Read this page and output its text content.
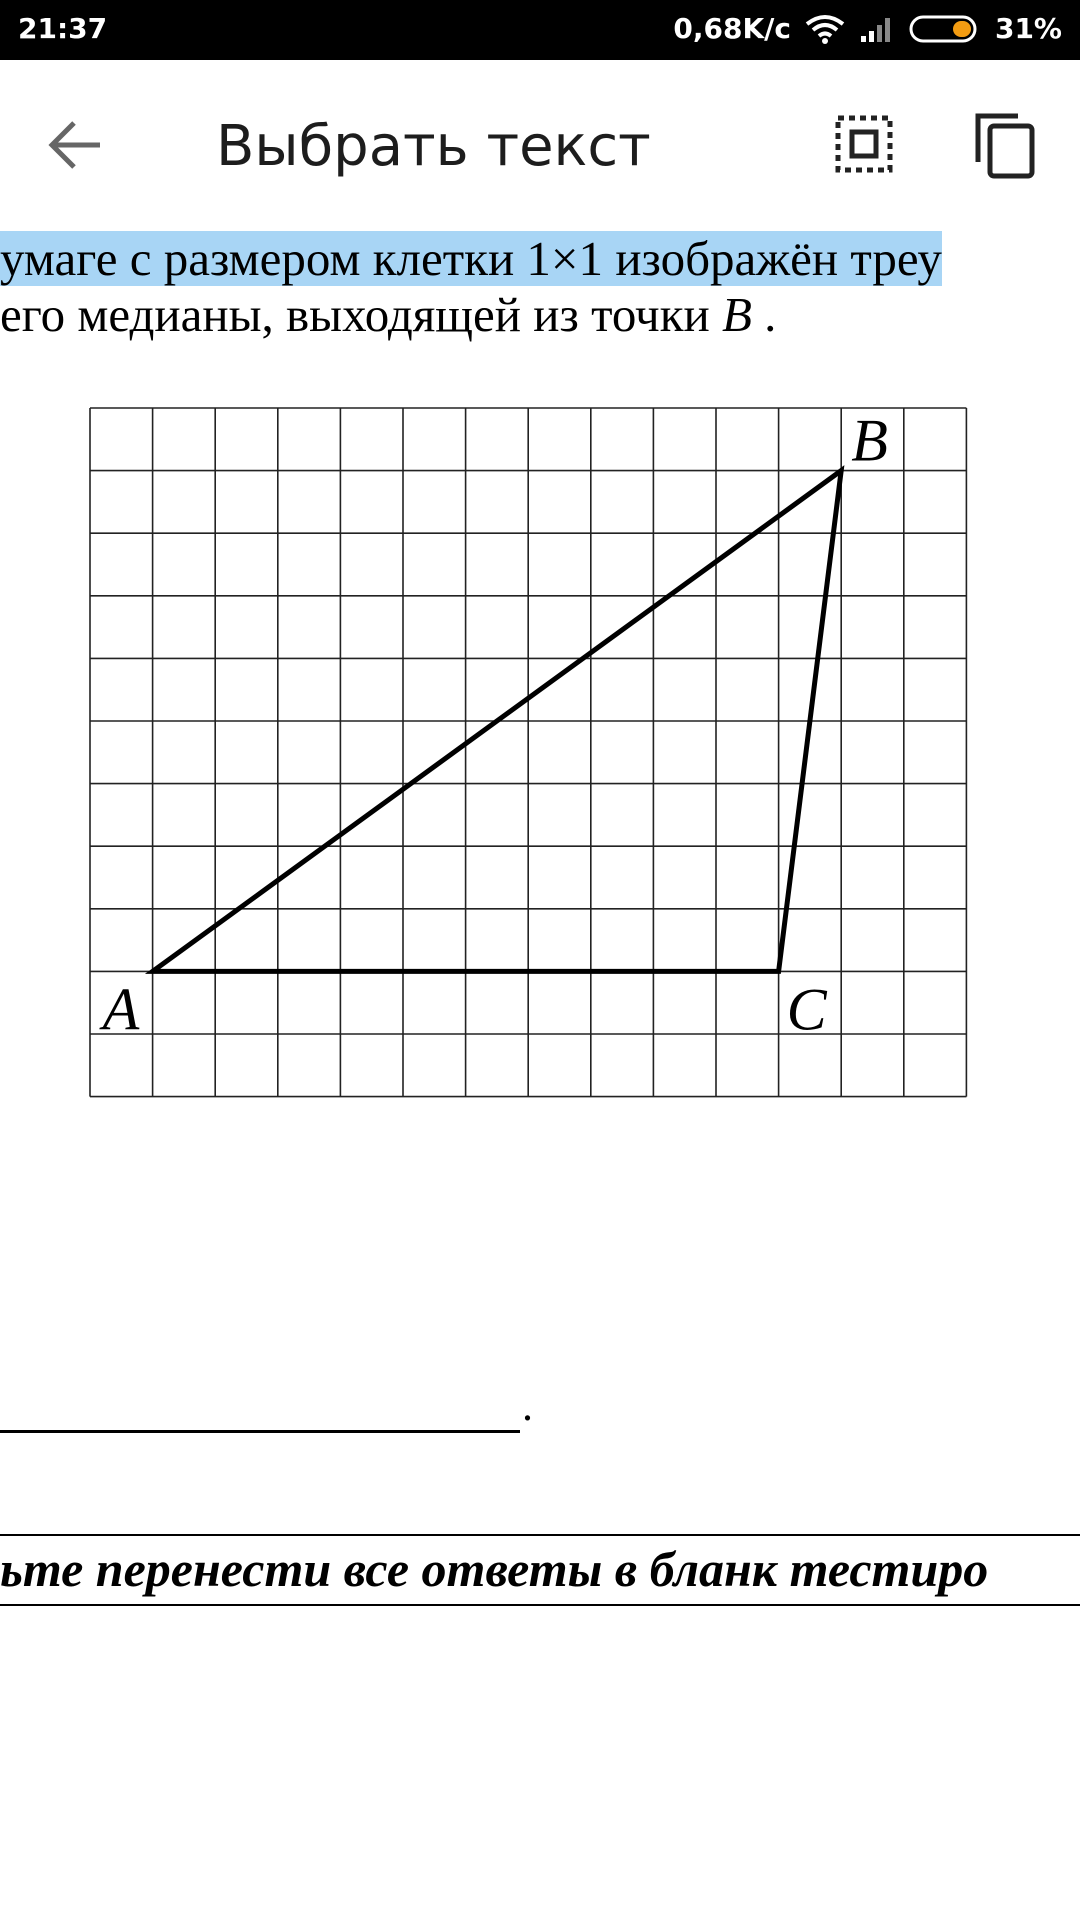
21:37	0,68K/с	31%
Выбрать текст
умаге с размером клетки 1×1 изображён треу
его медианы, выходящей из точки B .
A
B
C
.
ьте перенести все ответы в бланк тестиро
